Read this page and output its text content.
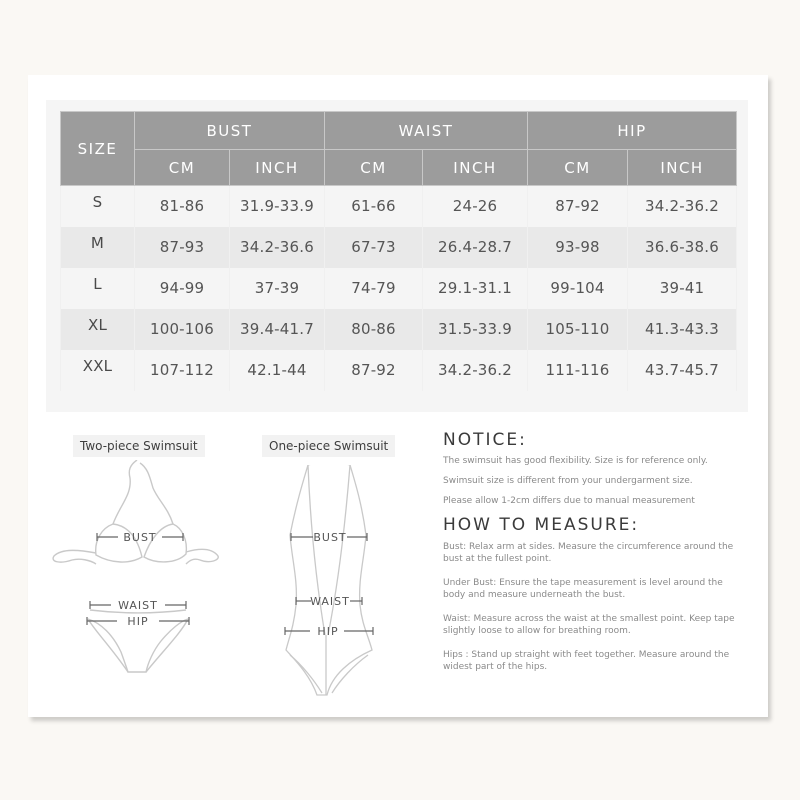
SIZE	BUST		WAIST		HIP	
	CM	INCH	CM	INCH	CM	INCH
S	81-86	31.9-33.9	61-66	24-26	87-92	34.2-36.2
M	87-93	34.2-36.6	67-73	26.4-28.7	93-98	36.6-38.6
L	94-99	37-39	74-79	29.1-31.1	99-104	39-41
XL	100-106	39.4-41.7	80-86	31.5-33.9	105-110	41.3-43.3
XXL	107-112	42.1-44	87-92	34.2-36.2	111-116	43.7-45.7
Two-piece Swimsuit
BUST
WAIST
HIP
One-piece Swimsuit
BUST
WAIST
HIP
NOTICE:

The swimsuit has good flexibility. Size is for reference only.

Swimsuit size is different from your undergarment size.

Please allow 1-2cm differs due to manual measurement

HOW TO MEASURE:

Bust: Relax arm at sides. Measure the circumference around the bust at the fullest point.

Under Bust: Ensure the tape measurement is level around the body and measure underneath the bust.

Waist: Measure across the waist at the smallest point. Keep tape slightly loose to allow for breathing room.

Hips : Stand up straight with feet together. Measure around the widest part of the hips.
